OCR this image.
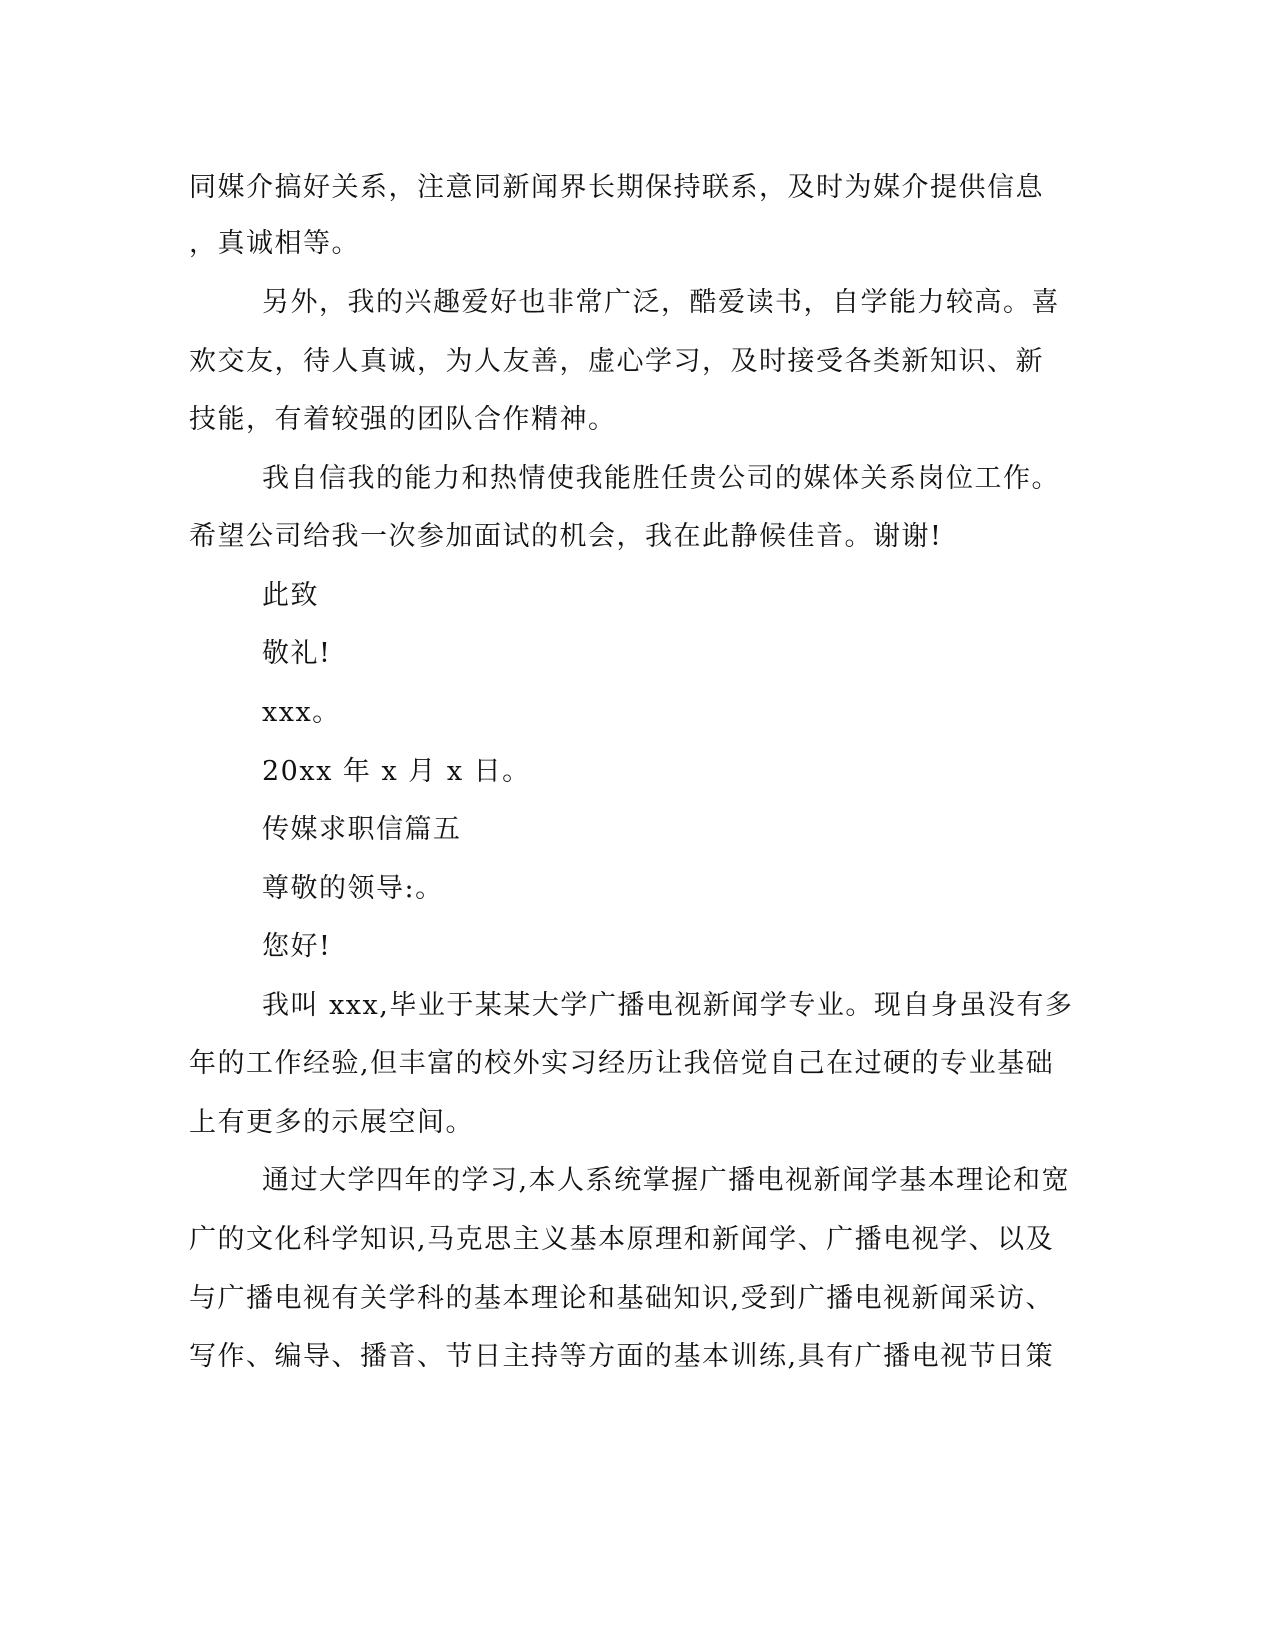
同媒介搞好关系，注意同新闻界长期保持联系，及时为媒介提供信息
，真诚相等。
另外，我的兴趣爱好也非常广泛，酷爱读书，自学能力较高。喜
欢交友，待人真诚，为人友善，虚心学习，及时接受各类新知识、新
技能，有着较强的团队合作精神。
我自信我的能力和热情使我能胜任贵公司的媒体关系岗位工作。
希望公司给我一次参加面试的机会，我在此静候佳音。谢谢!
此致
敬礼!
xxx。
20xx 年 x 月 x 日。
传媒求职信篇五
尊敬的领导:。
您好!
我叫 xxx,毕业于某某大学广播电视新闻学专业。现自身虽没有多
年的工作经验,但丰富的校外实习经历让我倍觉自己在过硬的专业基础
上有更多的示展空间。
通过大学四年的学习,本人系统掌握广播电视新闻学基本理论和宽
广的文化科学知识,马克思主义基本原理和新闻学、广播电视学、以及
与广播电视有关学科的基本理论和基础知识,受到广播电视新闻采访、
写作、编导、播音、节日主持等方面的基本训练,具有广播电视节日策
